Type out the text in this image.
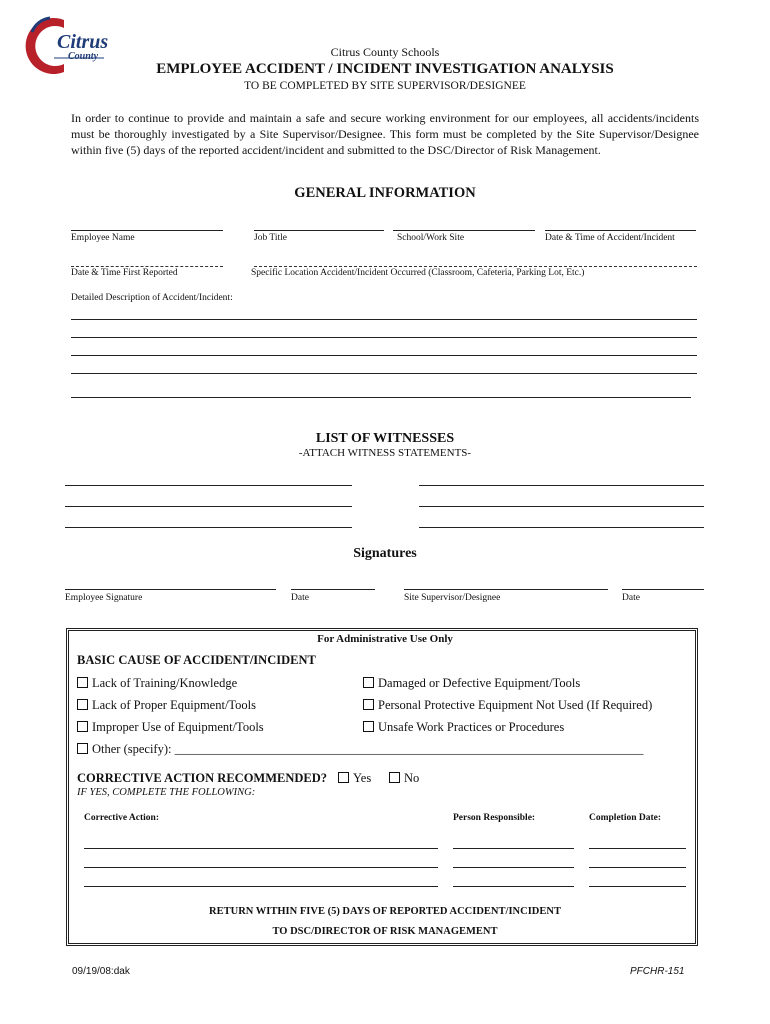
Citrus
County	Citrus County Schools
EMPLOYEE ACCIDENT / INCIDENT INVESTIGATION ANALYSIS
TO BE COMPLETED BY SITE SUPERVISOR/DESIGNEE
In order to continue to provide and maintain a safe and secure working environment for our employees, all accidents/incidents must be thoroughly investigated by a Site Supervisor/Designee. This form must be completed by the Site Supervisor/Designee within five (5) days of the reported accident/incident and submitted to the DSC/Director of Risk Management.
GENERAL INFORMATION
Employee Name	Job Title	School/Work Site	Date & Time of Accident/Incident
Date & Time First Reported	Specific Location Accident/Incident Occurred (Classroom, Cafeteria, Parking Lot, Etc.)
Detailed Description of Accident/Incident:
LIST OF WITNESSES
-ATTACH WITNESS STATEMENTS-
Signatures
Employee Signature	Date	Site Supervisor/Designee	Date
For Administrative Use Only
BASIC CAUSE OF ACCIDENT/INCIDENT
Lack of Training/Knowledge	Damaged or Defective Equipment/Tools
Lack of Proper Equipment/Tools	Personal Protective Equipment Not Used (If Required)
Improper Use of Equipment/Tools	Unsafe Work Practices or Procedures
Other (specify): ___________________________________________________________________________
CORRECTIVE ACTION RECOMMENDED?	Yes	No
IF YES, COMPLETE THE FOLLOWING:
Corrective Action:	Person Responsible:	Completion Date:
RETURN WITHIN FIVE (5) DAYS OF REPORTED ACCIDENT/INCIDENT
TO DSC/DIRECTOR OF RISK MANAGEMENT
09/19/08:dak	PFCHR-151
